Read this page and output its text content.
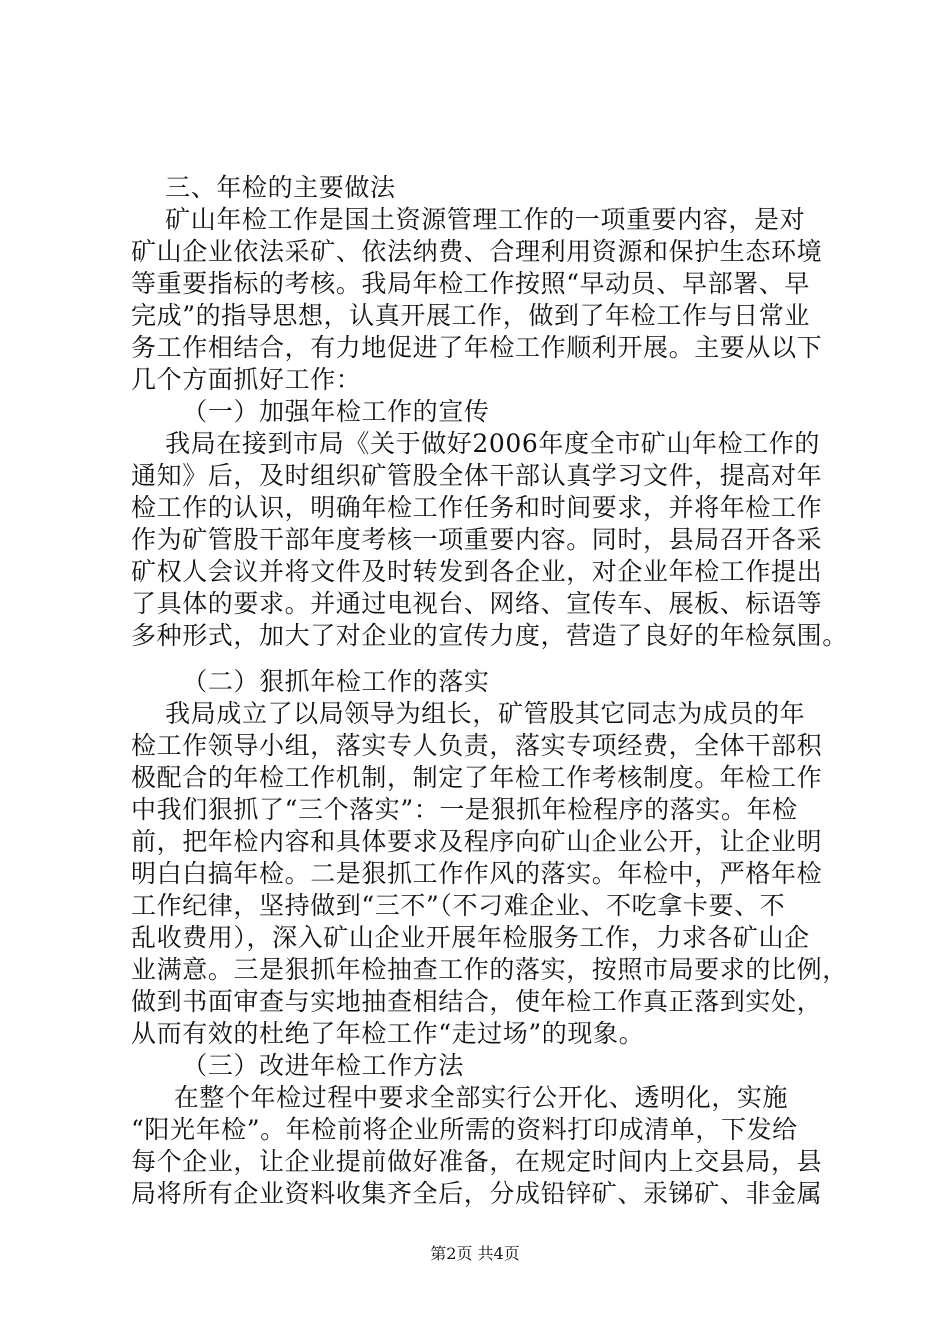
三、年检的主要做法
矿山年检工作是国土资源管理工作的一项重要内容，是对
矿山企业依法采矿、依法纳费、合理利用资源和保护生态环境
等重要指标的考核。我局年检工作按照“早动员、早部署、早
完成”的指导思想，认真开展工作，做到了年检工作与日常业
务工作相结合，有力地促进了年检工作顺利开展。主要从以下
几个方面抓好工作：
（一）加强年检工作的宣传
我局在接到市局《关于做好2006年度全市矿山年检工作的
通知》后，及时组织矿管股全体干部认真学习文件，提高对年
检工作的认识，明确年检工作任务和时间要求，并将年检工作
作为矿管股干部年度考核一项重要内容。同时，县局召开各采
矿权人会议并将文件及时转发到各企业，对企业年检工作提出
了具体的要求。并通过电视台、网络、宣传车、展板、标语等
多种形式，加大了对企业的宣传力度，营造了良好的年检氛围。
（二）狠抓年检工作的落实
我局成立了以局领导为组长，矿管股其它同志为成员的年
检工作领导小组，落实专人负责，落实专项经费，全体干部积
极配合的年检工作机制，制定了年检工作考核制度。年检工作
中我们狠抓了“三个落实”：一是狠抓年检程序的落实。年检
前，把年检内容和具体要求及程序向矿山企业公开，让企业明
明白白搞年检。二是狠抓工作作风的落实。年检中，严格年检
工作纪律，坚持做到“三不”（不刁难企业、不吃拿卡要、不
乱收费用），深入矿山企业开展年检服务工作，力求各矿山企
业满意。三是狠抓年检抽查工作的落实，按照市局要求的比例，
做到书面审查与实地抽查相结合，使年检工作真正落到实处，
从而有效的杜绝了年检工作“走过场”的现象。
（三）改进年检工作方法
在整个年检过程中要求全部实行公开化、透明化，实施
“阳光年检”。年检前将企业所需的资料打印成清单，下发给
每个企业，让企业提前做好准备，在规定时间内上交县局，县
局将所有企业资料收集齐全后，分成铅锌矿、汞锑矿、非金属
第2页 共4页
